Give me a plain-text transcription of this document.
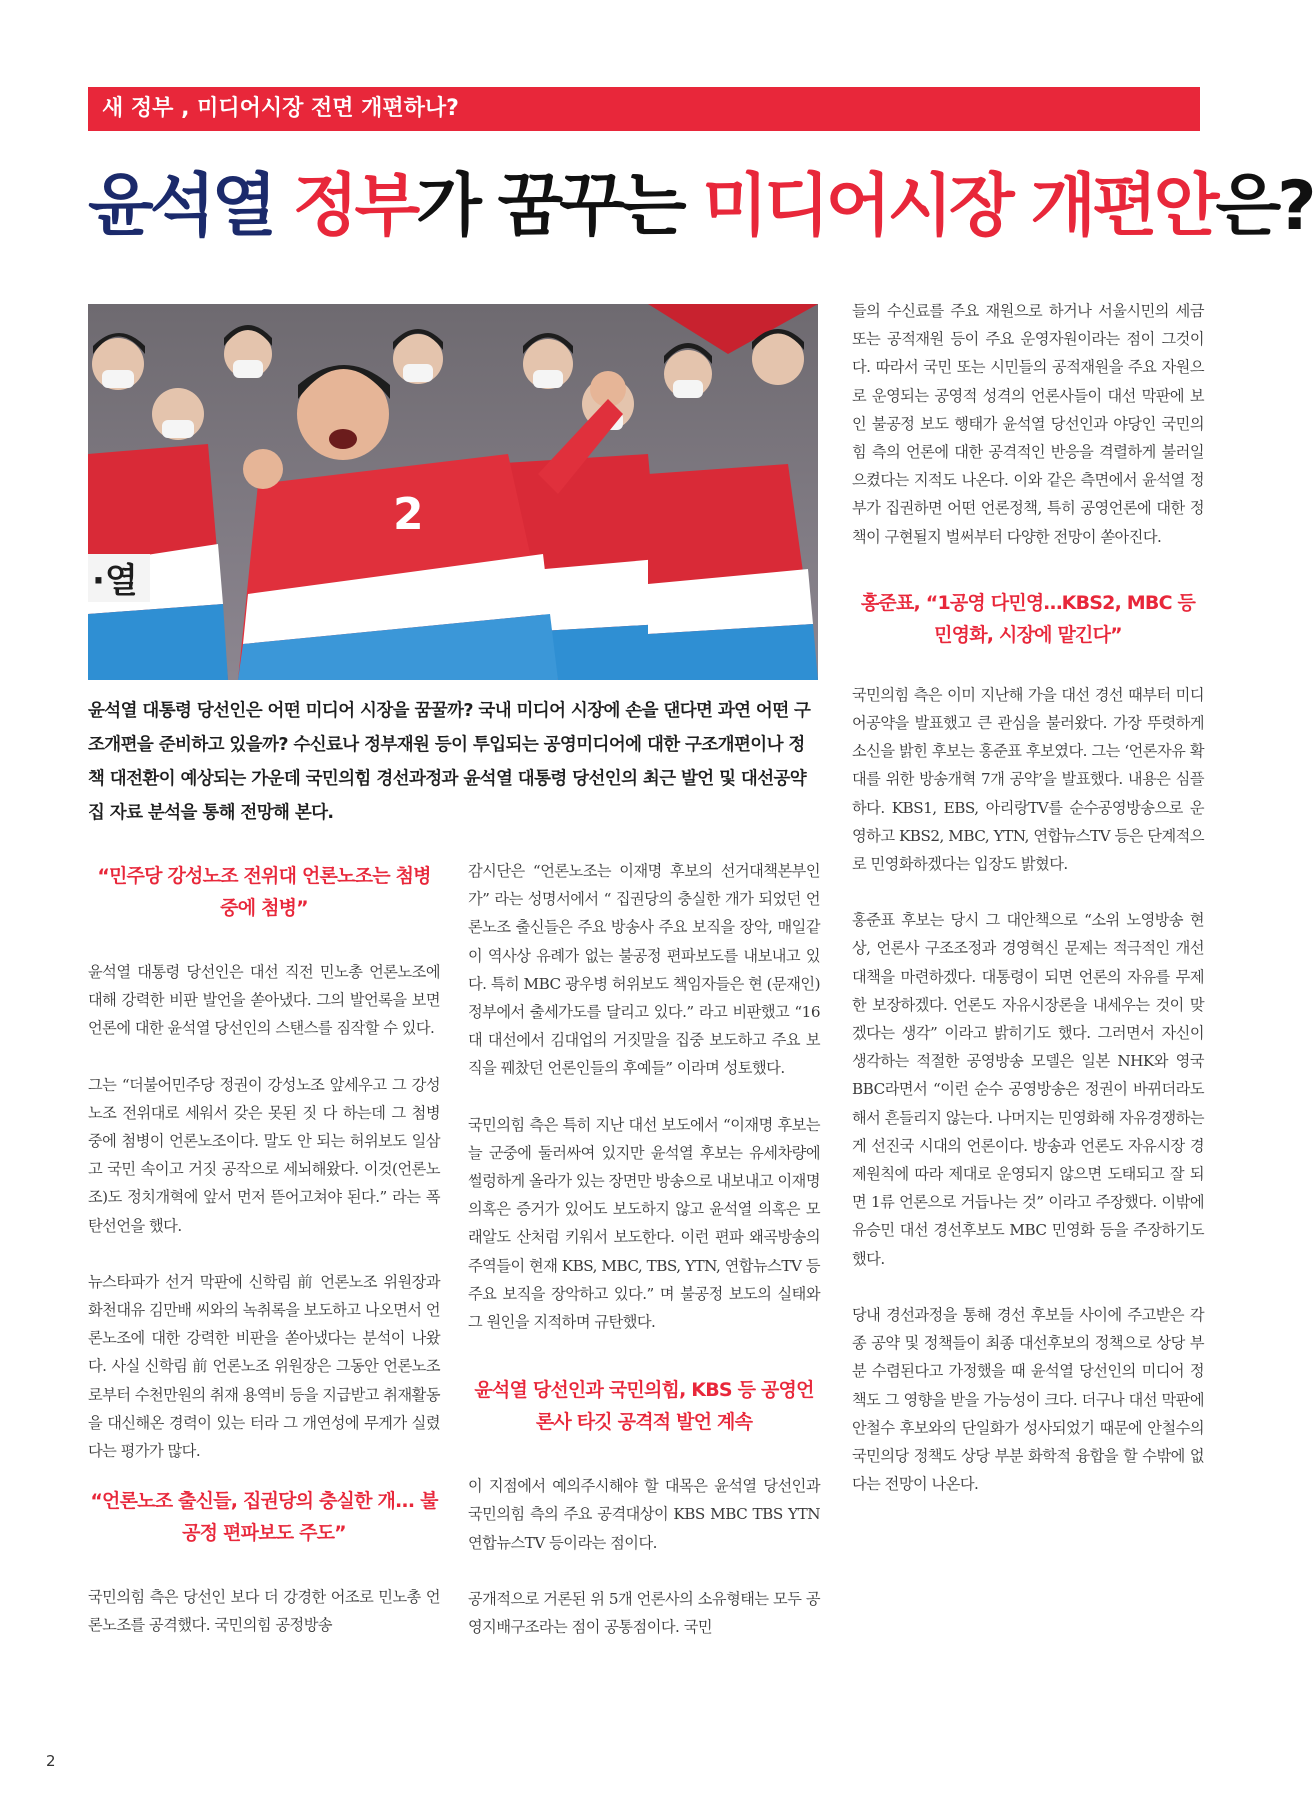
새 정부 , 미디어시장 전면 개편하나?
윤석열 정부가 꿈꾸는 미디어시장 개편안은?
2
·열
윤석열 대통령 당선인은 어떤 미디어 시장을 꿈꿀까? 국내 미디어 시장에 손을 댄다면 과연 어떤 구조개편을 준비하고 있을까? 수신료나 정부재원 등이 투입되는 공영미디어에 대한 구조개편이나 정책 대전환이 예상되는 가운데 국민의힘 경선과정과 윤석열 대통령 당선인의 최근 발언 및 대선공약집 자료 분석을 통해 전망해 본다.
“민주당 강성노조 전위대 언론노조는 첨병 중에 첨병”

윤석열 대통령 당선인은 대선 직전 민노총 언론노조에 대해 강력한 비판 발언을 쏟아냈다. 그의 발언록을 보면 언론에 대한 윤석열 당선인의 스탠스를 짐작할 수 있다.

그는 “더불어민주당 정권이 강성노조 앞세우고 그 강성노조 전위대로 세워서 갖은 못된 짓 다 하는데 그 첨병 중에 첨병이 언론노조이다. 말도 안 되는 허위보도 일삼고 국민 속이고 거짓 공작으로 세뇌해왔다. 이것(언론노조)도 정치개혁에 앞서 먼저 뜯어고쳐야 된다.” 라는 폭탄선언을 했다.

뉴스타파가 선거 막판에 신학림 前 언론노조 위원장과 화천대유 김만배 씨와의 녹취록을 보도하고 나오면서 언론노조에 대한 강력한 비판을 쏟아냈다는 분석이 나왔다. 사실 신학림 前 언론노조 위원장은 그동안 언론노조로부터 수천만원의 취재 용역비 등을 지급받고 취재활동을 대신해온 경력이 있는 터라 그 개연성에 무게가 실렸다는 평가가 많다.

“언론노조 출신들, 집권당의 충실한 개... 불공정 편파보도 주도”

국민의힘 측은 당선인 보다 더 강경한 어조로 민노총 언론노조를 공격했다. 국민의힘 공정방송

감시단은 “언론노조는 이재명 후보의 선거대책본부인가” 라는 성명서에서 “ 집권당의 충실한 개가 되었던 언론노조 출신들은 주요 방송사 주요 보직을 장악, 매일같이 역사상 유례가 없는 불공정 편파보도를 내보내고 있다. 특히 MBC 광우병 허위보도 책임자들은 현 (문재인) 정부에서 출세가도를 달리고 있다.” 라고 비판했고 “16대 대선에서 김대업의 거짓말을 집중 보도하고 주요 보직을 꿰찼던 언론인들의 후예들” 이라며 성토했다.

국민의힘 측은 특히 지난 대선 보도에서 “이재명 후보는 늘 군중에 둘러싸여 있지만 윤석열 후보는 유세차량에 썰렁하게 올라가 있는 장면만 방송으로 내보내고 이재명 의혹은 증거가 있어도 보도하지 않고 윤석열 의혹은 모래알도 산처럼 키워서 보도한다. 이런 편파 왜곡방송의 주역들이 현재 KBS, MBC, TBS, YTN, 연합뉴스TV 등 주요 보직을 장악하고 있다.” 며 불공정 보도의 실태와 그 원인을 지적하며 규탄했다.

윤석열 당선인과 국민의힘, KBS 등 공영언론사 타깃 공격적 발언 계속

이 지점에서 예의주시해야 할 대목은 윤석열 당선인과 국민의힘 측의 주요 공격대상이 KBS MBC TBS YTN 연합뉴스TV 등이라는 점이다.

공개적으로 거론된 위 5개 언론사의 소유형태는 모두 공영지배구조라는 점이 공통점이다. 국민

들의 수신료를 주요 재원으로 하거나 서울시민의 세금 또는 공적재원 등이 주요 운영자원이라는 점이 그것이다. 따라서 국민 또는 시민들의 공적재원을 주요 자원으로 운영되는 공영적 성격의 언론사들이 대선 막판에 보인 불공정 보도 행태가 윤석열 당선인과 야당인 국민의힘 측의 언론에 대한 공격적인 반응을 격렬하게 불러일으켰다는 지적도 나온다. 이와 같은 측면에서 윤석열 정부가 집권하면 어떤 언론정책, 특히 공영언론에 대한 정책이 구현될지 벌써부터 다양한 전망이 쏟아진다.

홍준표, “1공영 다민영…KBS2, MBC 등 민영화, 시장에 맡긴다”

국민의힘 측은 이미 지난해 가을 대선 경선 때부터 미디어공약을 발표했고 큰 관심을 불러왔다. 가장 뚜렷하게 소신을 밝힌 후보는 홍준표 후보였다. 그는 ‘언론자유 확대를 위한 방송개혁 7개 공약’을 발표했다. 내용은 심플하다. KBS1, EBS, 아리랑TV를 순수공영방송으로 운영하고 KBS2, MBC, YTN, 연합뉴스TV 등은 단계적으로 민영화하겠다는 입장도 밝혔다.

홍준표 후보는 당시 그 대안책으로 “소위 노영방송 현상, 언론사 구조조정과 경영혁신 문제는 적극적인 개선 대책을 마련하겠다. 대통령이 되면 언론의 자유를 무제한 보장하겠다. 언론도 자유시장론을 내세우는 것이 맞겠다는 생각” 이라고 밝히기도 했다. 그러면서 자신이 생각하는 적절한 공영방송 모델은 일본 NHK와 영국 BBC라면서 “이런 순수 공영방송은 정권이 바뀌더라도 해서 흔들리지 않는다. 나머지는 민영화해 자유경쟁하는 게 선진국 시대의 언론이다. 방송과 언론도 자유시장 경제원칙에 따라 제대로 운영되지 않으면 도태되고 잘 되면 1류 언론으로 거듭나는 것” 이라고 주장했다. 이밖에 유승민 대선 경선후보도 MBC 민영화 등을 주장하기도 했다.

당내 경선과정을 통해 경선 후보들 사이에 주고받은 각종 공약 및 정책들이 최종 대선후보의 정책으로 상당 부분 수렴된다고 가정했을 때 윤석열 당선인의 미디어 정책도 그 영향을 받을 가능성이 크다. 더구나 대선 막판에 안철수 후보와의 단일화가 성사되었기 때문에 안철수의 국민의당 정책도 상당 부분 화학적 융합을 할 수밖에 없다는 전망이 나온다.

2
